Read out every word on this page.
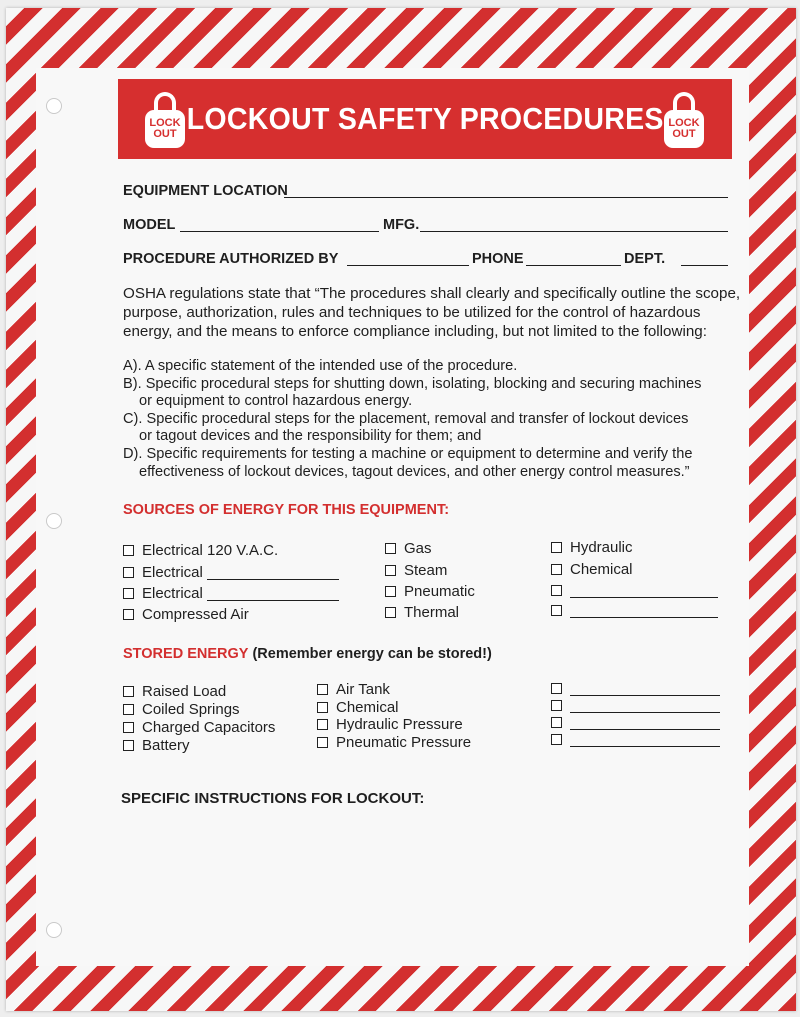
LOCKOUT SAFETY PROCEDURES
LOCK
OUT
LOCK
OUT
EQUIPMENT LOCATION
MODEL	MFG.
PROCEDURE AUTHORIZED BY	PHONE	DEPT.
OSHA regulations state that “The procedures shall clearly and specifically outline the scope,
purpose, authorization, rules and techniques to be utilized for the control of hazardous
energy, and the means to enforce compliance including, but not limited to the following:
A). A specific statement of the intended use of the procedure.
B). Specific procedural steps for shutting down, isolating, blocking and securing machines
or equipment to control hazardous energy.
C). Specific procedural steps for the placement, removal and transfer of lockout devices
or tagout devices and the responsibility for them; and
D). Specific requirements for testing a machine or equipment to determine and verify the
effectiveness of lockout devices, tagout devices, and other energy control measures.”
SOURCES OF ENERGY FOR THIS EQUIPMENT:
Electrical 120 V.A.C.
Electrical
Electrical
Compressed Air
Gas
Steam
Pneumatic
Thermal
Hydraulic
Chemical
STORED ENERGY (Remember energy can be stored!)
Raised Load
Coiled Springs
Charged Capacitors
Battery
Air Tank
Chemical
Hydraulic Pressure
Pneumatic Pressure
SPECIFIC INSTRUCTIONS FOR LOCKOUT:
